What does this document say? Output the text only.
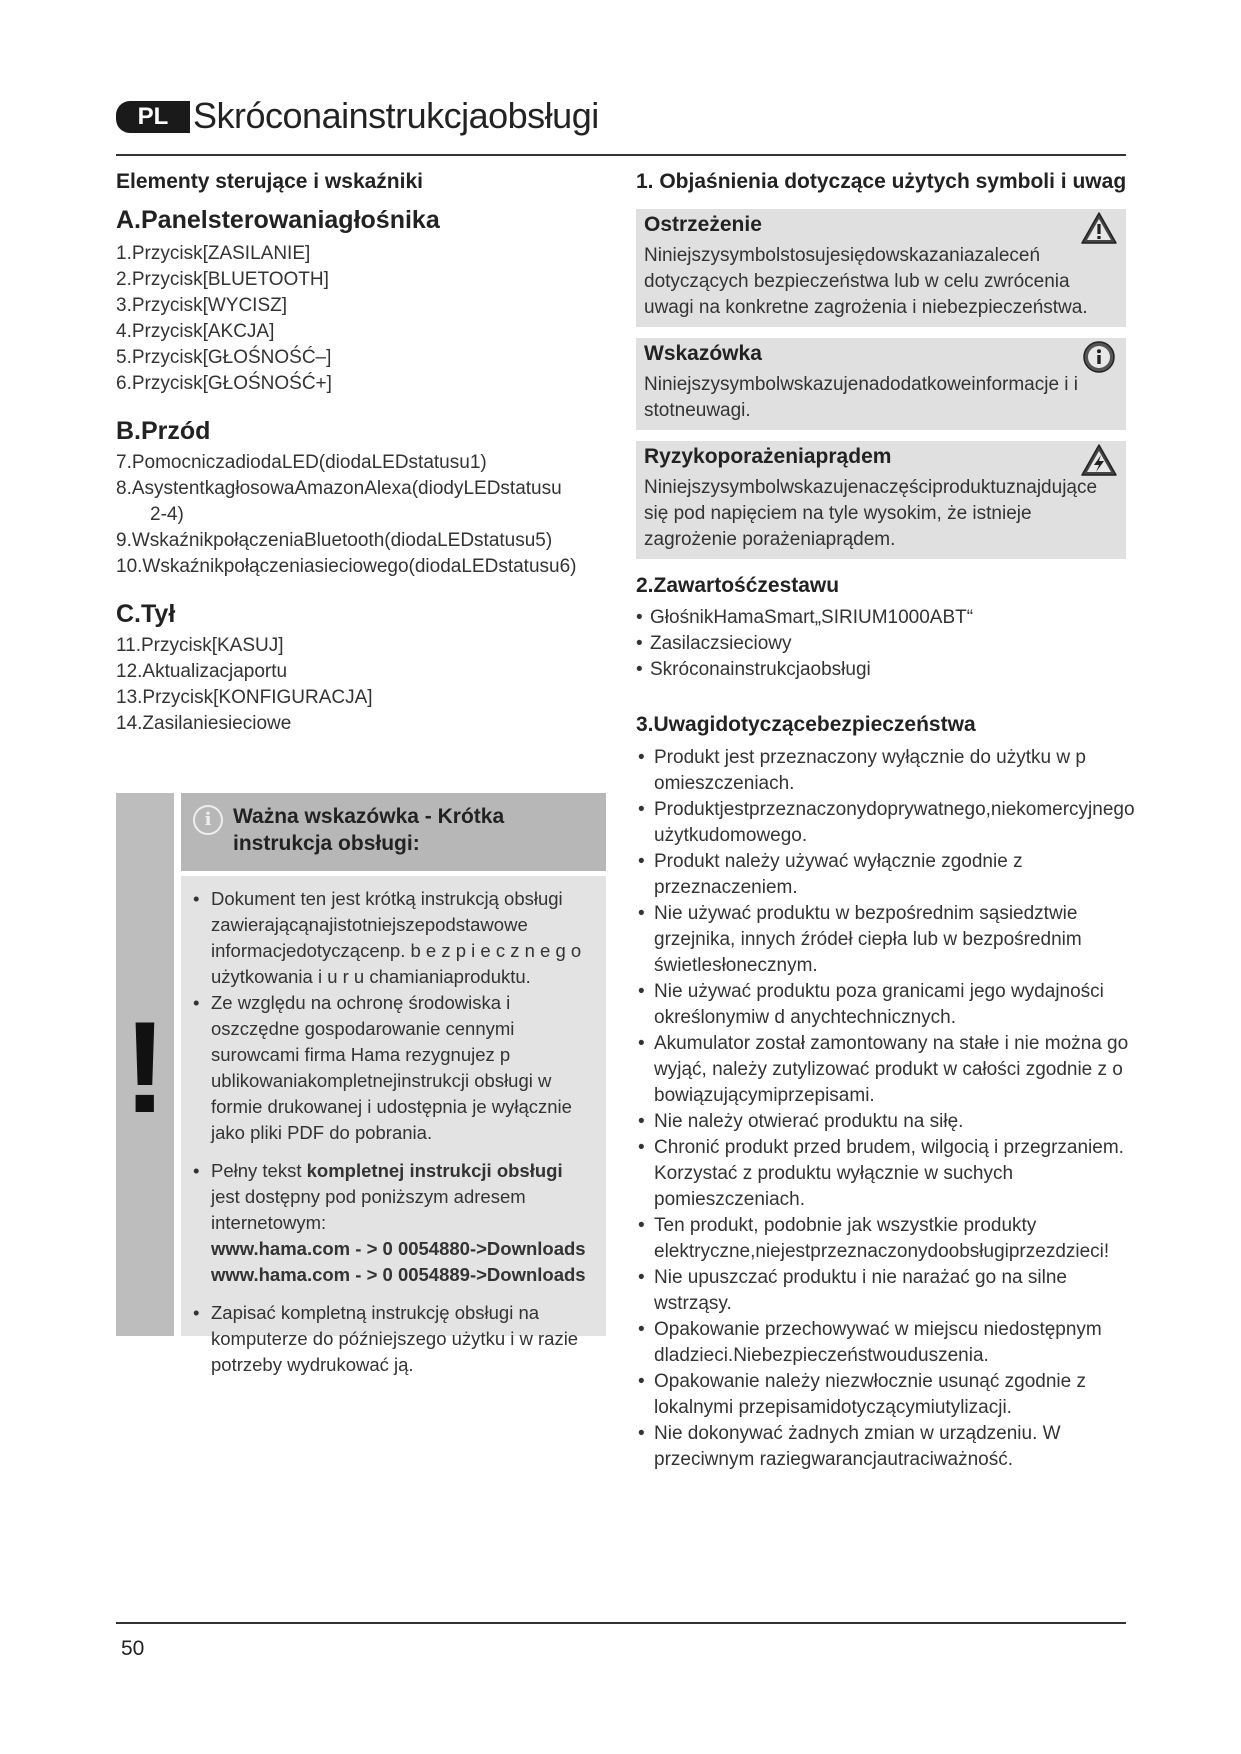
PL Skróconainstrukcjaobsługi

Elementy sterujące i wskaźniki

A.Panelsterowaniagłośnika

1.Przycisk[ZASILANIE]
2.Przycisk[BLUETOOTH]
3.Przycisk[WYCISZ]
4.Przycisk[AKCJA]
5.Przycisk[GŁOŚNOŚĆ–]
6.Przycisk[GŁOŚNOŚĆ+]

B.Przód

7.PomocniczadiodaLED(diodaLEDstatusu1)
8.AsystentkagłosowaAmazonAlexa(diodyLEDstatusu
2-4)
9.WskaźnikpołączeniaBluetooth(diodaLEDstatusu5)
10.Wskaźnikpołączeniasieciowego(diodaLEDstatusu6)

C.Tył

11.Przycisk[KASUJ]
12.Aktualizacjaportu
13.Przycisk[KONFIGURACJA]
14.Zasilaniesieciowe
!
i	Ważna wskazówka - Krótka instrukcja obsługi:
• Dokument ten jest krótką instrukcją obsługi zawierającąnajistotniejszepodstawowe informacjedotyczącenp. b e z p i e c z n e g o użytkowania i u r u chamianiaproduktu.
• Ze względu na ochronę środowiska i oszczędne gospodarowanie cennymi surowcami firma Hama rezygnujez p ublikowaniakompletnejinstrukcji obsługi w formie drukowanej i udostępnia je wyłącznie jako pliki PDF do pobrania.
• Pełny tekst kompletnej instrukcji obsługi jest dostępny pod poniższym adresem internetowym:
www.hama.com - > 0 0054880->Downloads
www.hama.com - > 0 0054889->Downloads
• Zapisać kompletną instrukcję obsługi na komputerze do późniejszego użytku i w razie potrzeby wydrukować ją.
1. Objaśnienia dotyczące użytych symboli i uwag
Ostrzeżenie
Niniejszysymbolstosujesiędowskazaniazaleceń dotyczących bezpieczeństwa lub w celu zwrócenia uwagi na konkretne zagrożenia i niebezpieczeństwa.
Wskazówka
Niniejszysymbolwskazujenadodatkoweinformacje i i stotneuwagi.
Ryzykoporażeniaprądem
Niniejszysymbolwskazujenaczęściproduktuznajdujące się pod napięciem na tyle wysokim, że istnieje zagrożenie porażeniaprądem.
2.Zawartośćzestawu
• GłośnikHamaSmart„SIRIUM1000ABT“
• Zasilaczsieciowy
• Skróconainstrukcjaobsługi
3.Uwagidotyczącebezpieczeństwa
• Produkt jest przeznaczony wyłącznie do użytku w p omieszczeniach.
• Produktjestprzeznaczonydoprywatnego,niekomercyjnego użytkudomowego.
• Produkt należy używać wyłącznie zgodnie z przeznaczeniem.
• Nie używać produktu w bezpośrednim sąsiedztwie grzejnika, innych źródeł ciepła lub w bezpośrednim świetlesłonecznym.
• Nie używać produktu poza granicami jego wydajności określonymiw d anychtechnicznych.
• Akumulator został zamontowany na stałe i nie można go wyjąć, należy zutylizować produkt w całości zgodnie z o bowiązującymiprzepisami.
• Nie należy otwierać produktu na siłę.
• Chronić produkt przed brudem, wilgocią i przegrzaniem. Korzystać z produktu wyłącznie w suchych pomieszczeniach.
• Ten produkt, podobnie jak wszystkie produkty elektryczne,niejestprzeznaczonydoobsługiprzezdzieci!
• Nie upuszczać produktu i nie narażać go na silne wstrząsy.
• Opakowanie przechowywać w miejscu niedostępnym dladzieci.Niebezpieczeństwouduszenia.
• Opakowanie należy niezwłocznie usunąć zgodnie z lokalnymi przepisamidotyczącymiutylizacji.
• Nie dokonywać żadnych zmian w urządzeniu. W przeciwnym raziegwarancjautraciważność.
50
